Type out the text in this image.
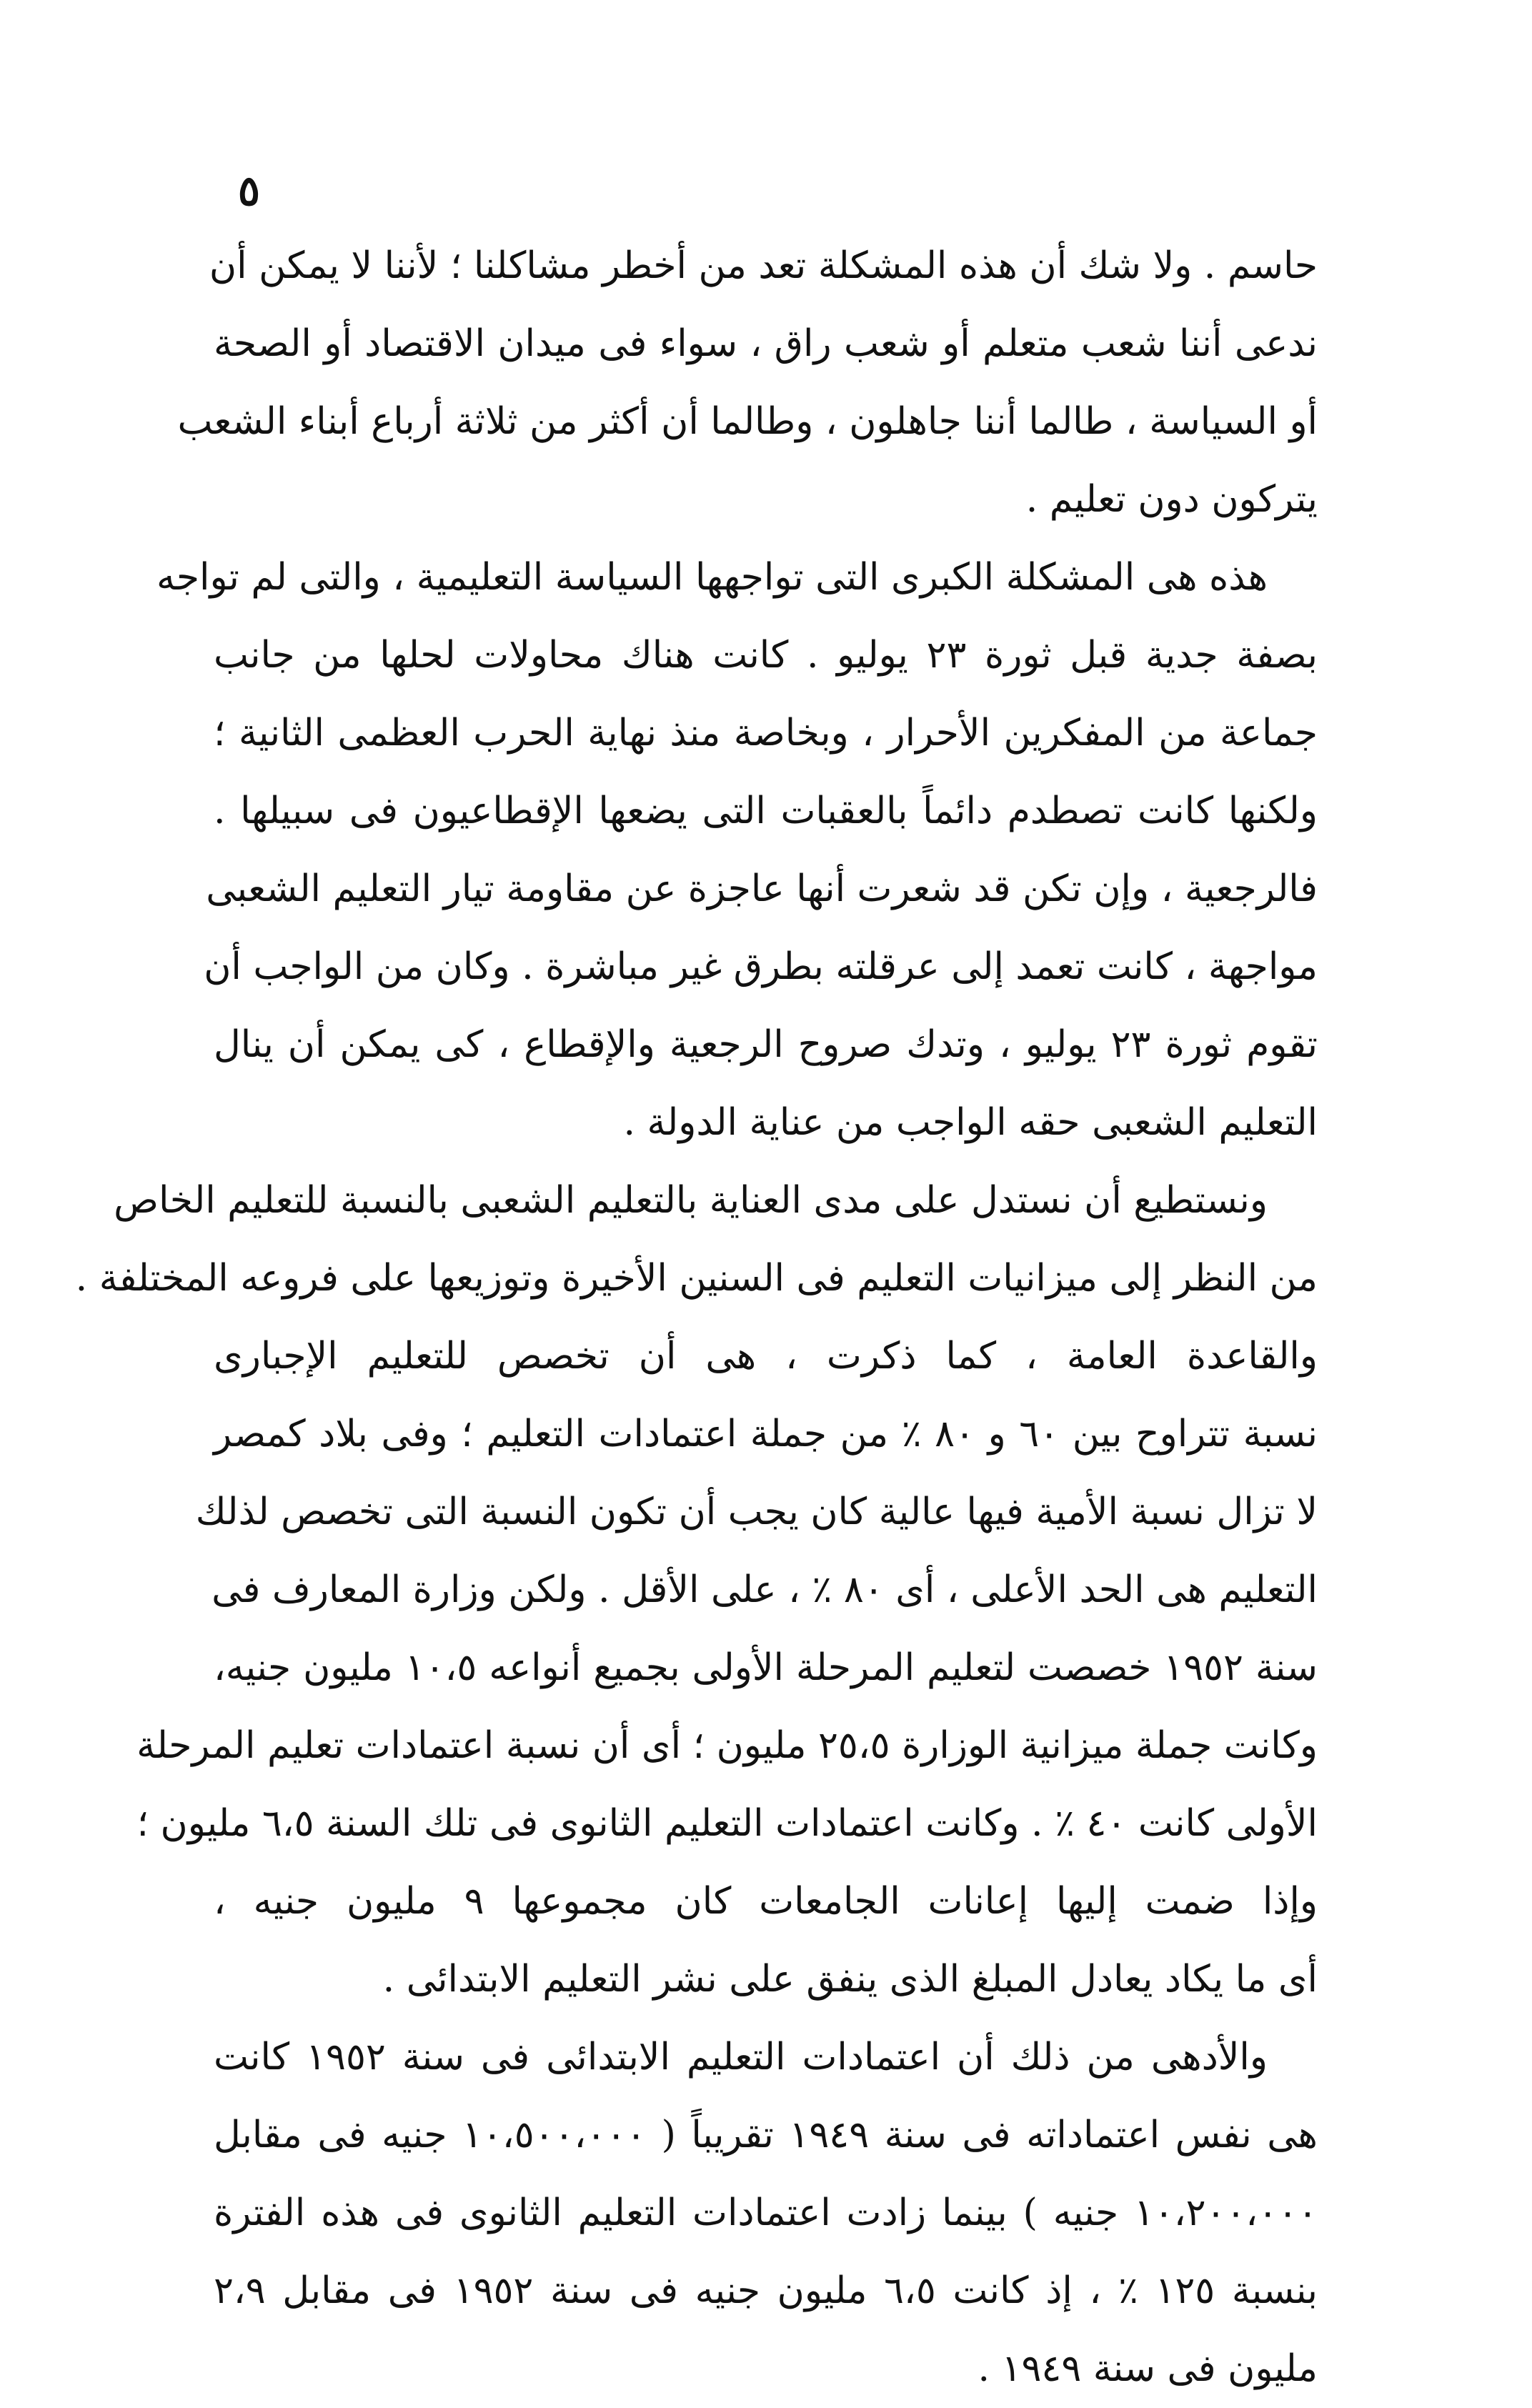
٥

حاسم . ولا شك أن هذه المشكلة تعد من أخطر مشاكلنا ؛ لأننا لا يمكن أن
ندعى أننا شعب متعلم أو شعب راق ، سواء فى ميدان الاقتصاد أو الصحة
أو السياسة ، طالما أننا جاهلون ، وطالما أن أكثر من ثلاثة أرباع أبناء الشعب
يتركون دون تعليم .

هذه هى المشكلة الكبرى التى تواجهها السياسة التعليمية ، والتى لم تواجه
بصفة جدية قبل ثورة ٢٣ يوليو . كانت هناك محاولات لحلها من جانب
جماعة من المفكرين الأحرار ، وبخاصة منذ نهاية الحرب العظمى الثانية ؛
ولكنها كانت تصطدم دائماً بالعقبات التى يضعها الإقطاعيون فى سبيلها .
فالرجعية ، وإن تكن قد شعرت أنها عاجزة عن مقاومة تيار التعليم الشعبى
مواجهة ، كانت تعمد إلى عرقلته بطرق غير مباشرة . وكان من الواجب أن
تقوم ثورة ٢٣ يوليو ، وتدك صروح الرجعية والإقطاع ، كى يمكن أن ينال
التعليم الشعبى حقه الواجب من عناية الدولة .

ونستطيع أن نستدل على مدى العناية بالتعليم الشعبى بالنسبة للتعليم الخاص
من النظر إلى ميزانيات التعليم فى السنين الأخيرة وتوزيعها على فروعه المختلفة .
والقاعدة العامة ، كما ذكرت ، هى أن تخصص للتعليم الإجبارى
نسبة تتراوح بين ٦٠ و ٨٠ ٪ من جملة اعتمادات التعليم ؛ وفى بلاد كمصر
لا تزال نسبة الأمية فيها عالية كان يجب أن تكون النسبة التى تخصص لذلك
التعليم هى الحد الأعلى ، أى ٨٠ ٪ ، على الأقل . ولكن وزارة المعارف فى
سنة ١٩٥٢ خصصت لتعليم المرحلة الأولى بجميع أنواعه ١٠،٥ مليون جنيه،
وكانت جملة ميزانية الوزارة ٢٥،٥ مليون ؛ أى أن نسبة اعتمادات تعليم المرحلة
الأولى كانت ٤٠ ٪ . وكانت اعتمادات التعليم الثانوى فى تلك السنة ٦،٥ مليون ؛
وإذا ضمت إليها إعانات الجامعات كان مجموعها ٩ مليون جنيه ،
أى ما يكاد يعادل المبلغ الذى ينفق على نشر التعليم الابتدائى .

والأدهى من ذلك أن اعتمادات التعليم الابتدائى فى سنة ١٩٥٢ كانت
هى نفس اعتماداته فى سنة ١٩٤٩ تقريباً ( ١٠،٥٠٠،٠٠٠ جنيه فى مقابل
١٠،٢٠٠،٠٠٠ جنيه ) بينما زادت اعتمادات التعليم الثانوى فى هذه الفترة
بنسبة ١٢٥ ٪ ، إذ كانت ٦،٥ مليون جنيه فى سنة ١٩٥٢ فى مقابل ٢،٩
مليون فى سنة ١٩٤٩ .
